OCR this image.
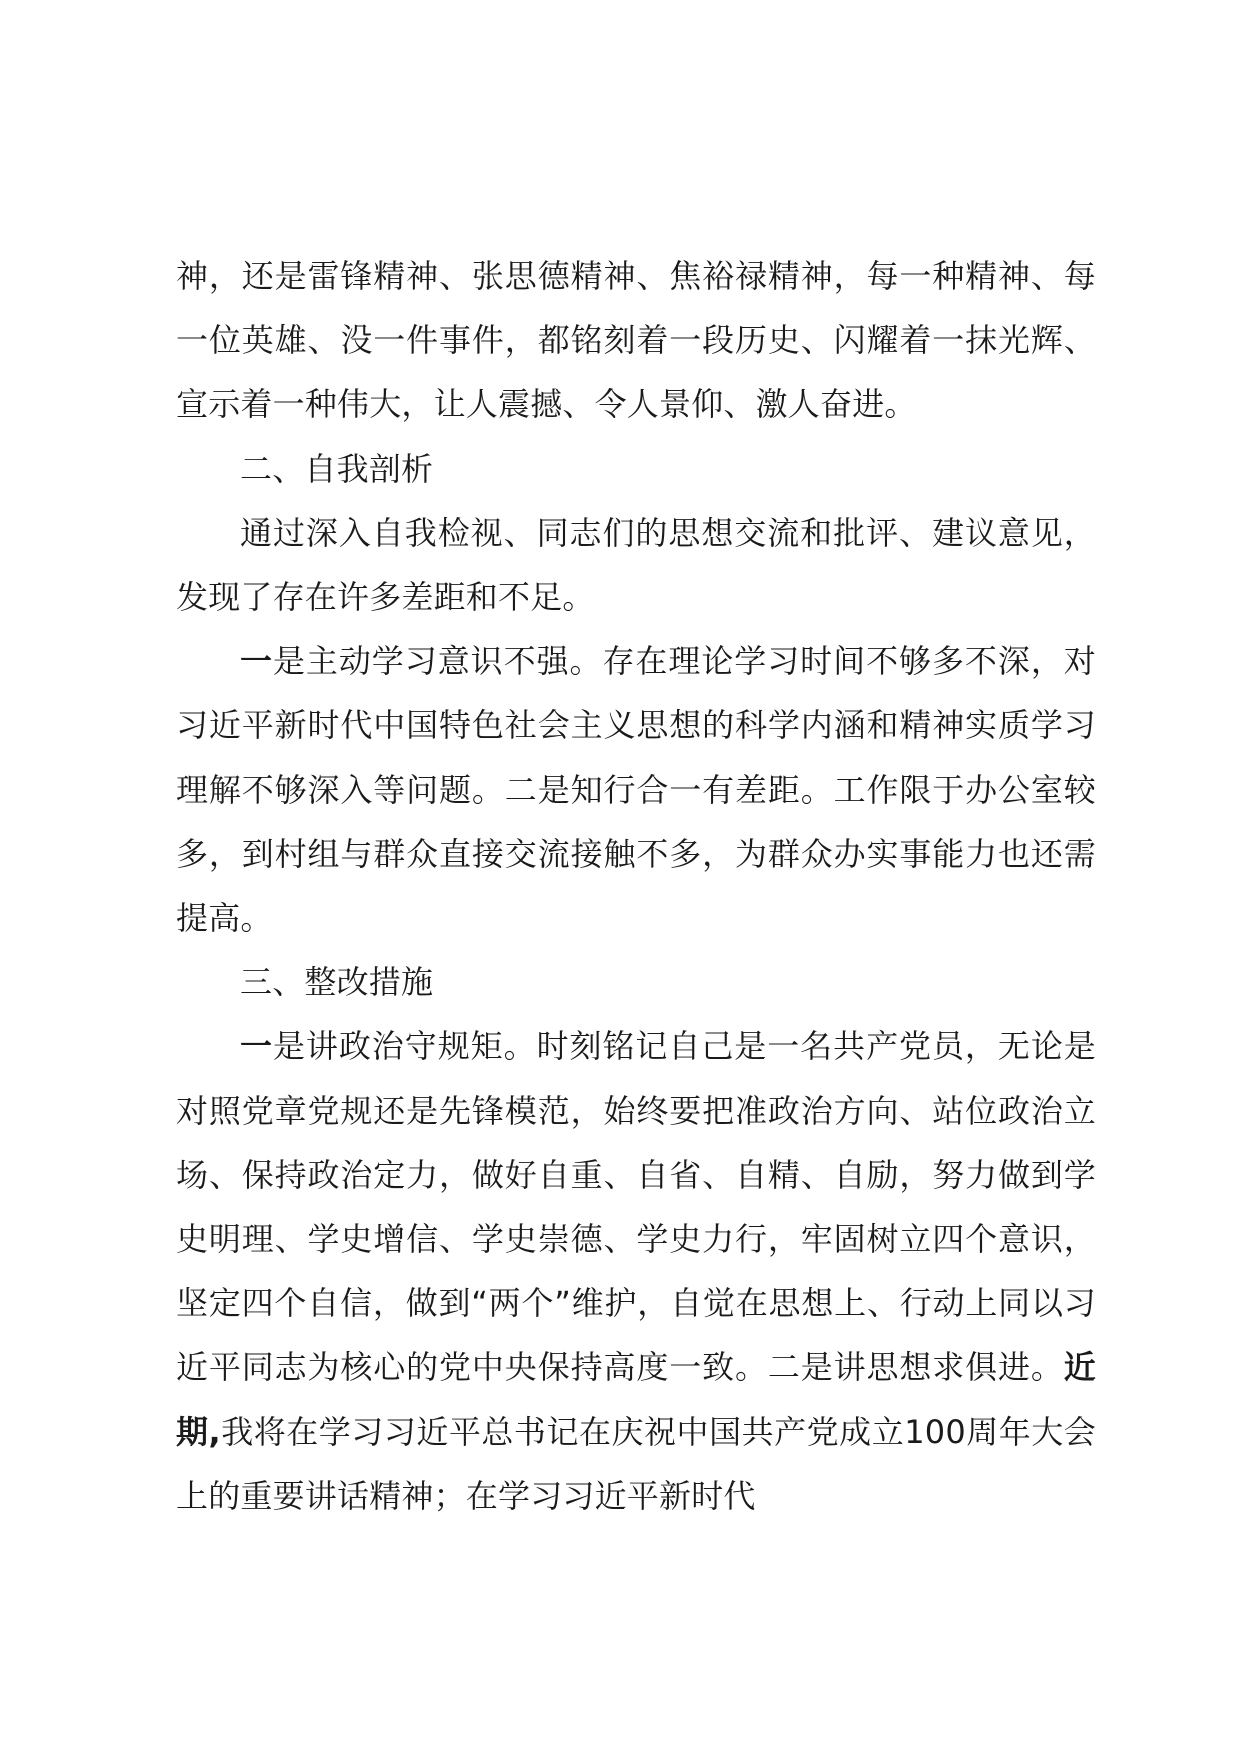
神，还是雷锋精神、张思德精神、焦裕禄精神，每一种精神、每一位英雄、没一件事件，都铭刻着一段历史、闪耀着一抹光辉、宣示着一种伟大，让人震撼、令人景仰、激人奋进。

二、自我剖析

通过深入自我检视、同志们的思想交流和批评、建议意见，发现了存在许多差距和不足。

一是主动学习意识不强。存在理论学习时间不够多不深，对习近平新时代中国特色社会主义思想的科学内涵和精神实质学习理解不够深入等问题。二是知行合一有差距。工作限于办公室较多，到村组与群众直接交流接触不多，为群众办实事能力也还需提高。

三、整改措施

一是讲政治守规矩。时刻铭记自己是一名共产党员，无论是对照党章党规还是先锋模范，始终要把准政治方向、站位政治立场、保持政治定力，做好自重、自省、自精、自励，努力做到学史明理、学史增信、学史崇德、学史力行，牢固树立四个意识，坚定四个自信，做到“两个”维护，自觉在思想上、行动上同以习近平同志为核心的党中央保持高度一致。二是讲思想求俱进。近期,我将在学习习近平总书记在庆祝中国共产党成立100周年大会上的重要讲话精神；在学习习近平新时代
